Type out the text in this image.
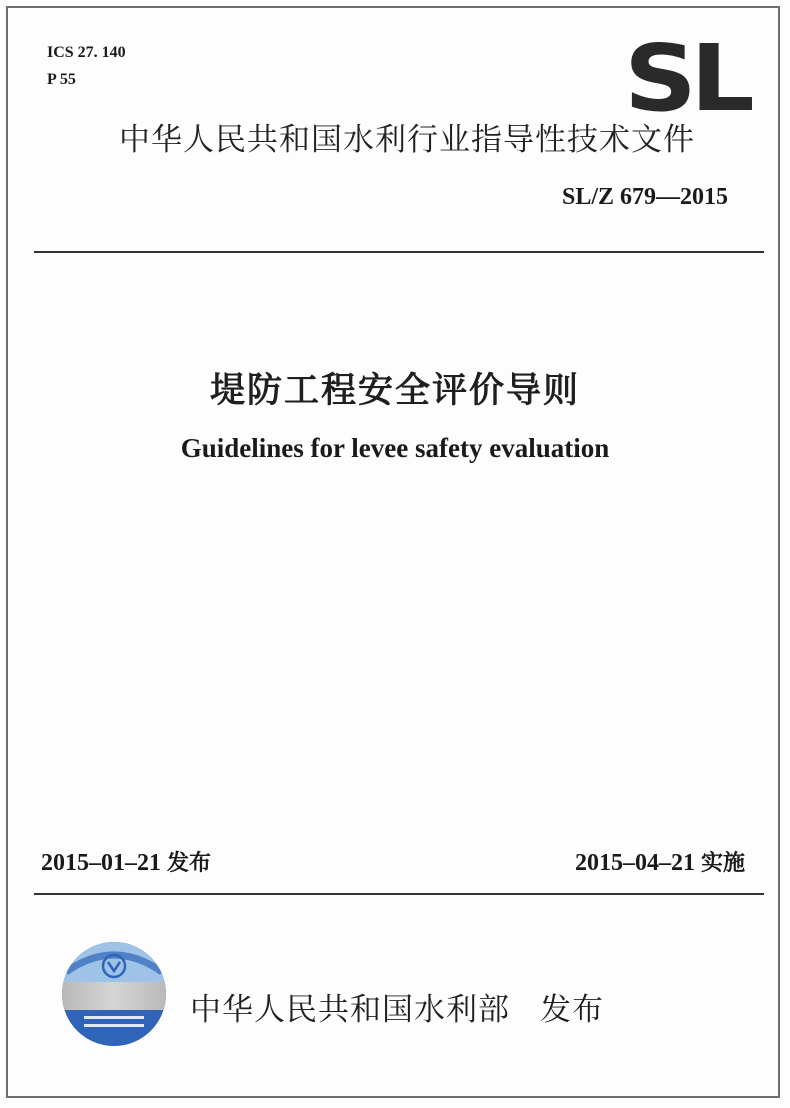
ICS 27. 140
P 55	SL
中华人民共和国水利行业指导性技术文件
SL/Z 679—2015
堤防工程安全评价导则
Guidelines for levee safety evaluation
2015–01–21 发布	2015–04–21 实施
中华人民共和国水利部 发布
